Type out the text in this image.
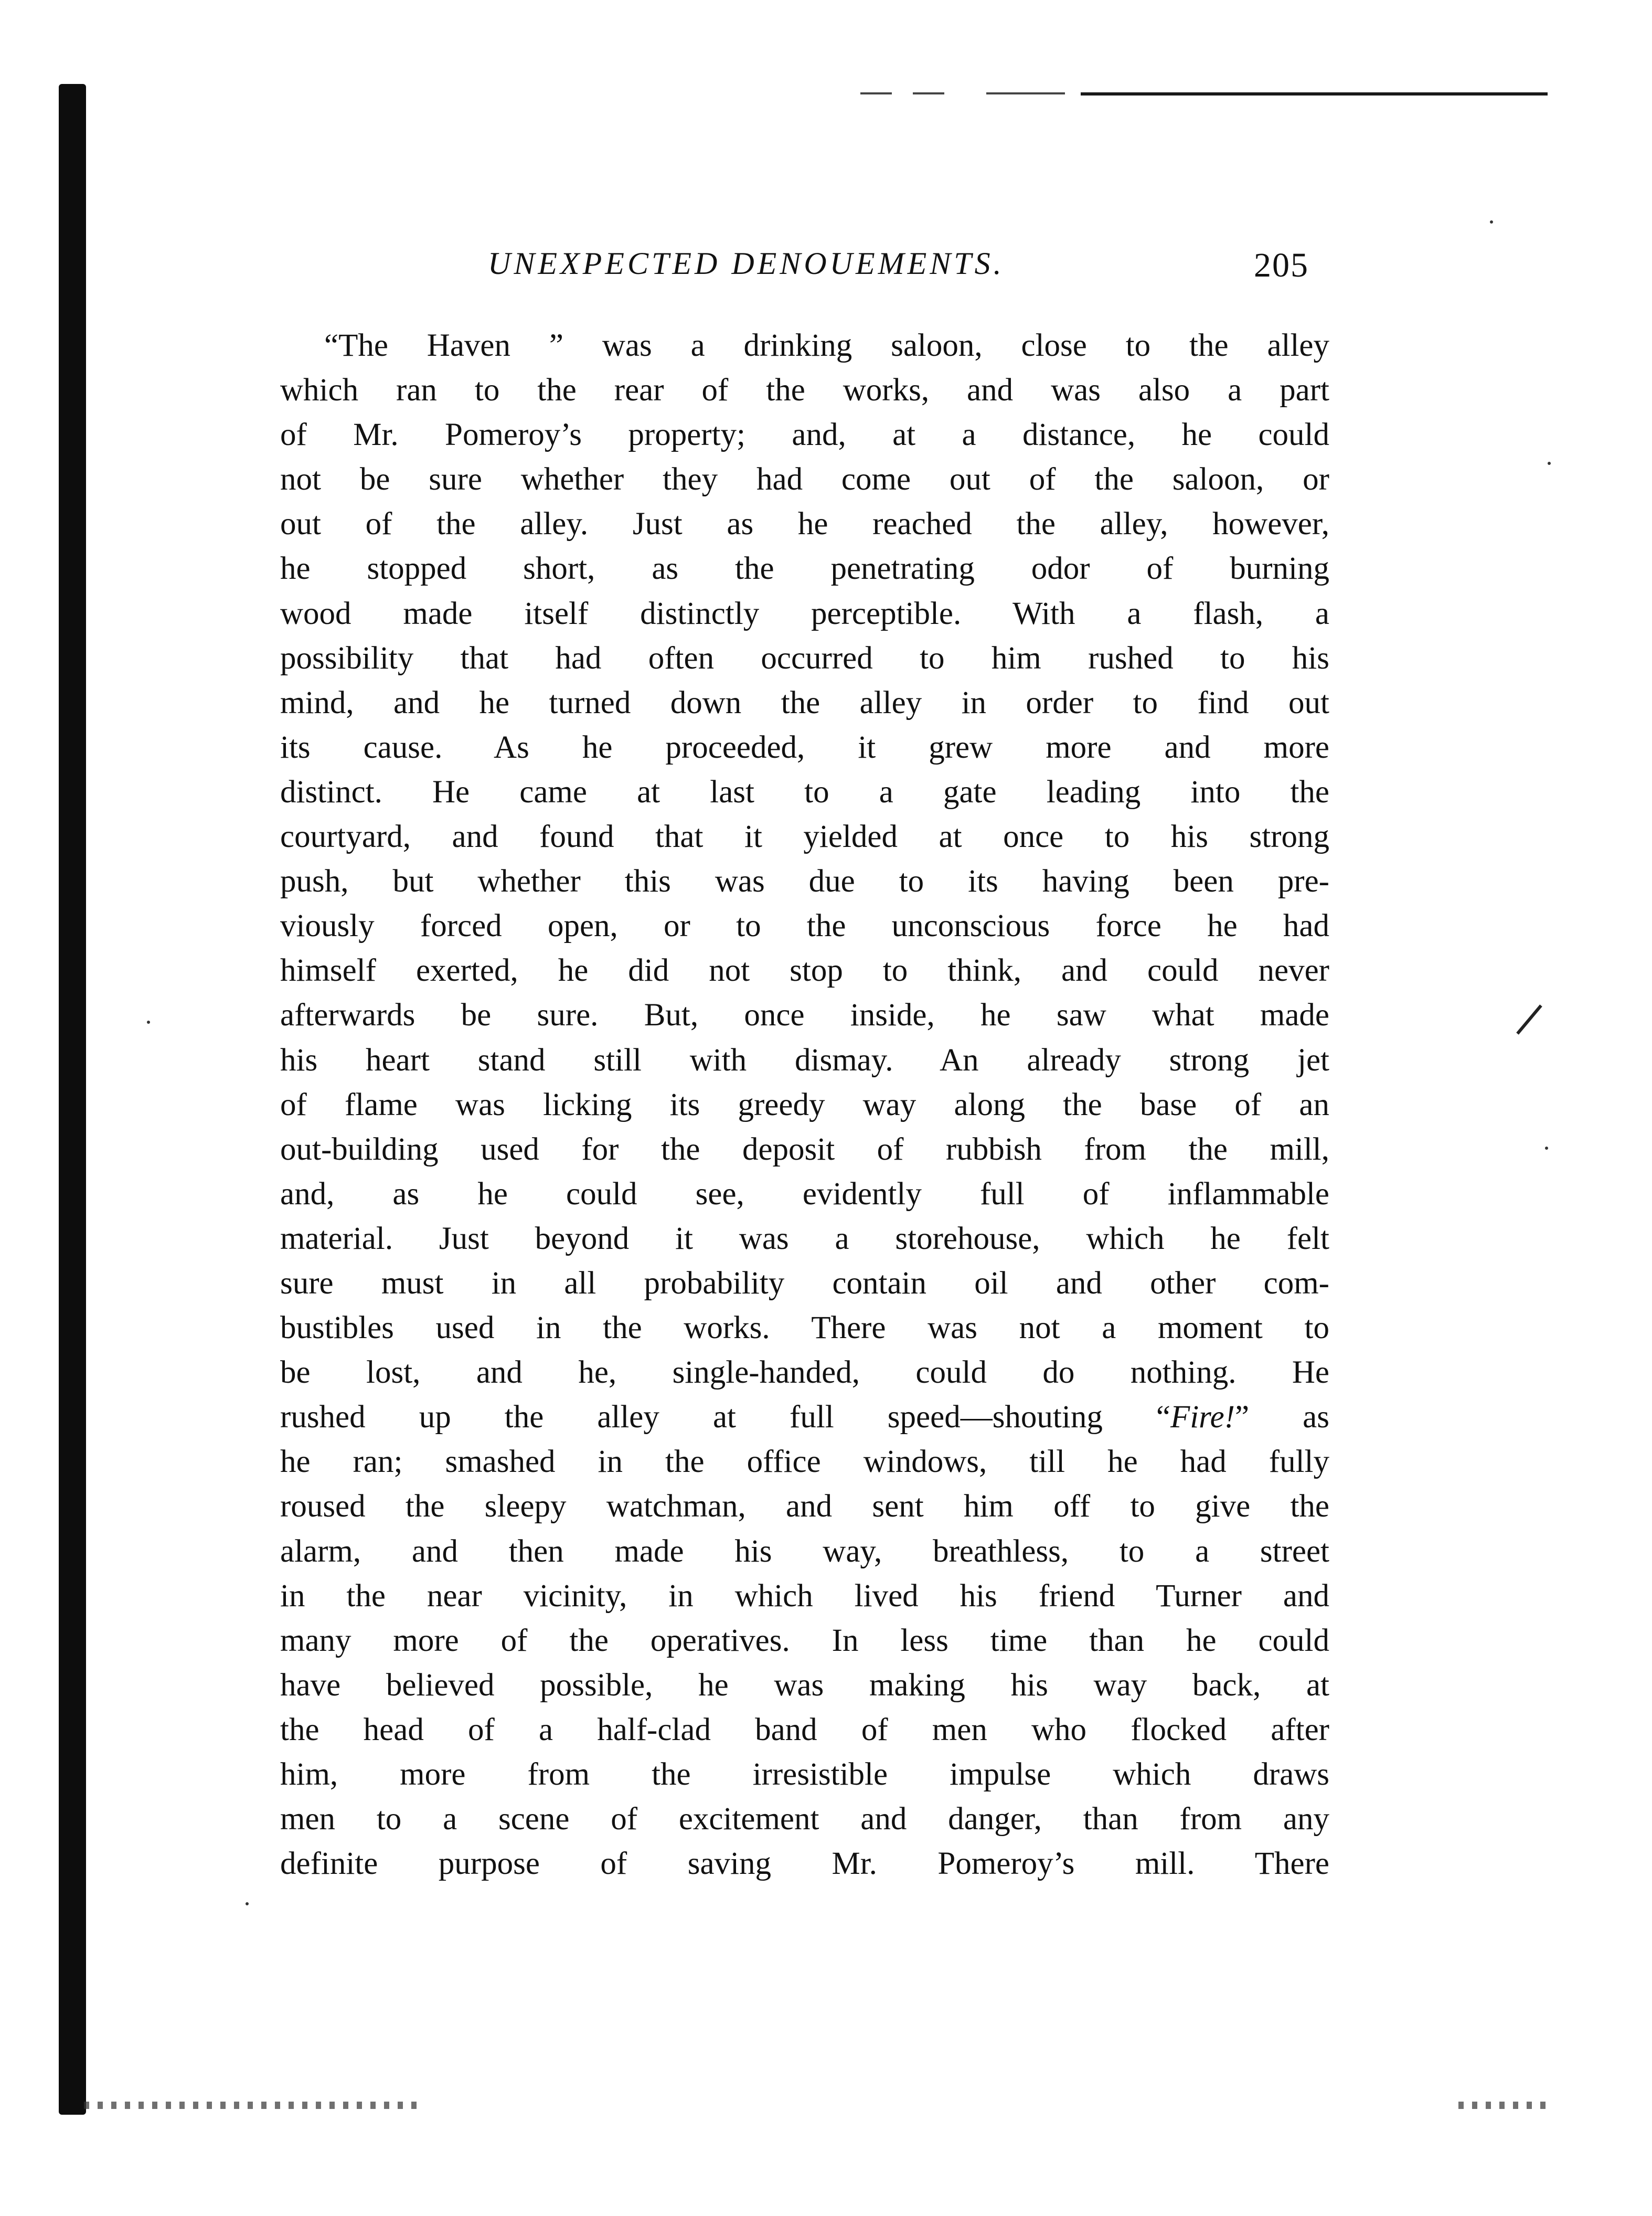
UNEXPECTED DENOUEMENTS.	205
“The Haven ” was a drinking saloon, close to the alley
which ran to the rear of the works, and was also a part
of Mr. Pomeroy’s property; and, at a distance, he could
not be sure whether they had come out of the saloon, or
out of the alley. Just as he reached the alley, however,
he stopped short, as the penetrating odor of burning
wood made itself distinctly perceptible. With a flash, a
possibility that had often occurred to him rushed to his
mind, and he turned down the alley in order to find out
its cause. As he proceeded, it grew more and more
distinct. He came at last to a gate leading into the
courtyard, and found that it yielded at once to his strong
push, but whether this was due to its having been pre-
viously forced open, or to the unconscious force he had
himself exerted, he did not stop to think, and could never
afterwards be sure. But, once inside, he saw what made
his heart stand still with dismay. An already strong jet
of flame was licking its greedy way along the base of an
out-building used for the deposit of rubbish from the mill,
and, as he could see, evidently full of inflammable
material. Just beyond it was a storehouse, which he felt
sure must in all probability contain oil and other com-
bustibles used in the works. There was not a moment to
be lost, and he, single-handed, could do nothing. He
rushed up the alley at full speed—shouting “Fire!” as
he ran; smashed in the office windows, till he had fully
roused the sleepy watchman, and sent him off to give the
alarm, and then made his way, breathless, to a street
in the near vicinity, in which lived his friend Turner and
many more of the operatives. In less time than he could
have believed possible, he was making his way back, at
the head of a half-clad band of men who flocked after
him, more from the irresistible impulse which draws
men to a scene of excitement and danger, than from any
definite purpose of saving Mr. Pomeroy’s mill. There
